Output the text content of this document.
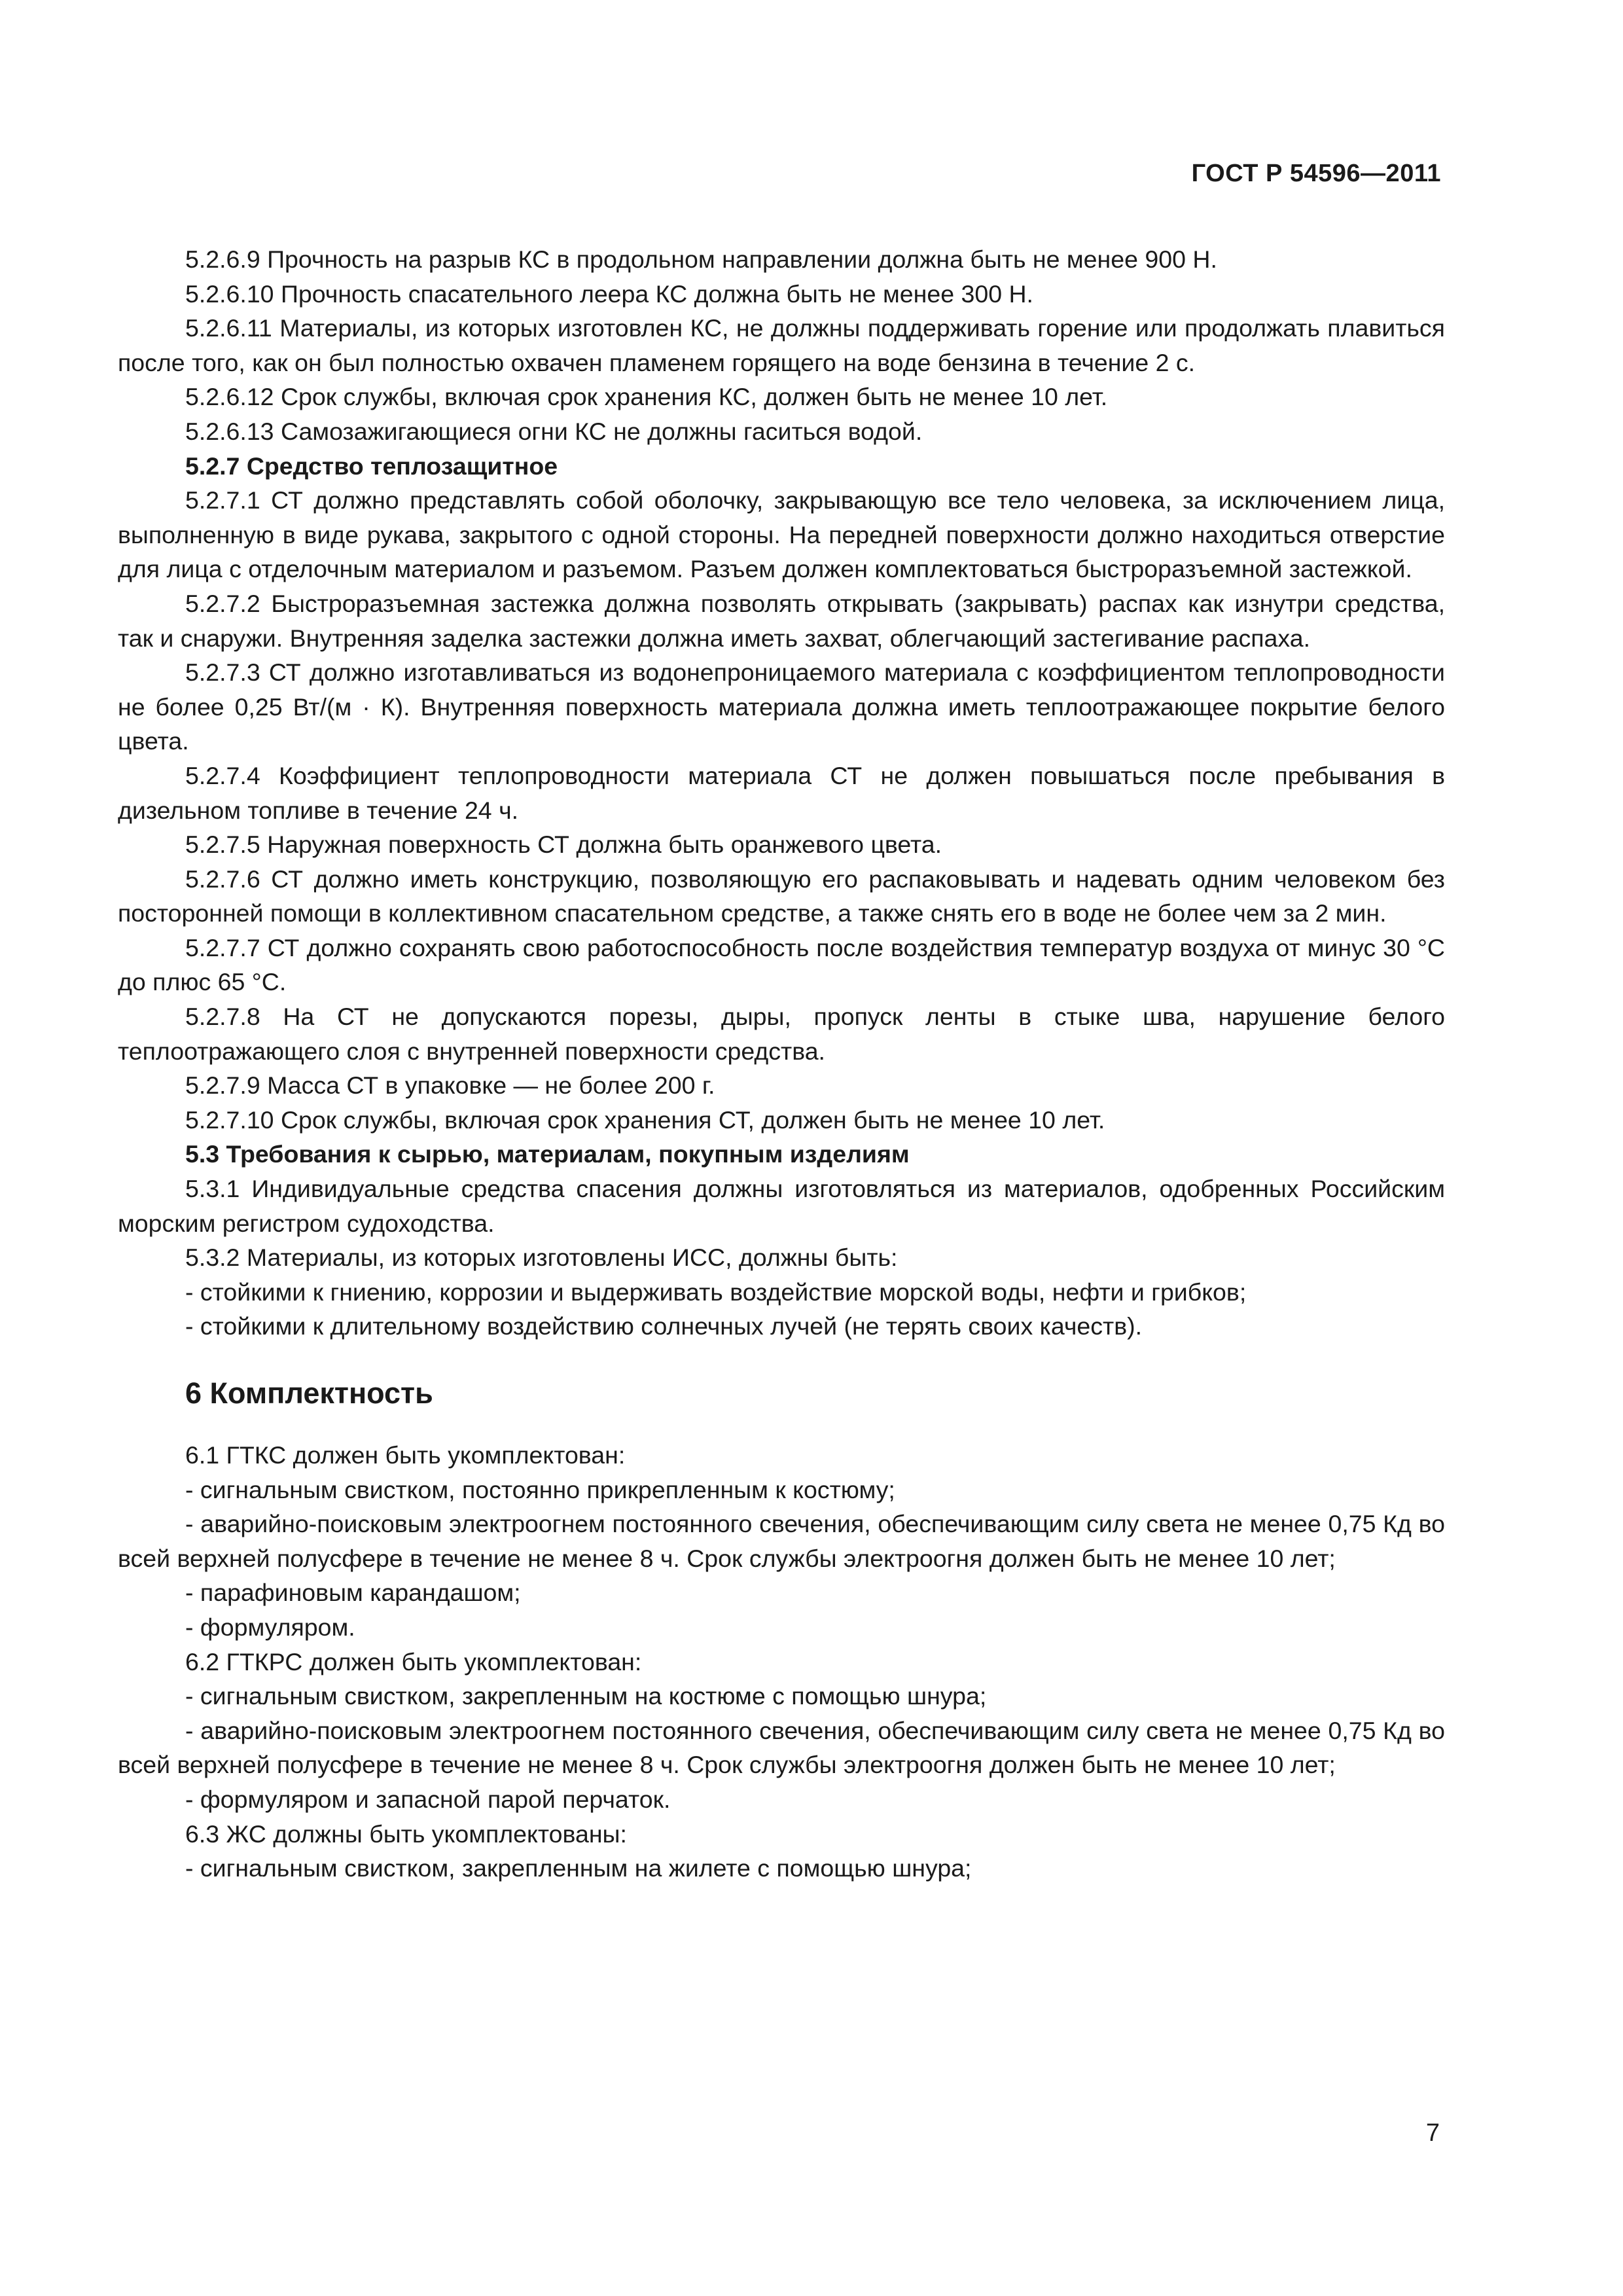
ГОСТ Р 54596—2011

5.2.6.9 Прочность на разрыв КС в продольном направлении должна быть не менее 900 Н.

5.2.6.10 Прочность спасательного леера КС должна быть не менее 300 Н.

5.2.6.11 Материалы, из которых изготовлен КС, не должны поддерживать горение или продолжать плавиться после того, как он был полностью охвачен пламенем горящего на воде бензина в течение 2 с.

5.2.6.12 Срок службы, включая срок хранения КС, должен быть не менее 10 лет.

5.2.6.13 Самозажигающиеся огни КС не должны гаситься водой.

5.2.7 Средство теплозащитное

5.2.7.1 СТ должно представлять собой оболочку, закрывающую все тело человека, за исключением лица, выполненную в виде рукава, закрытого с одной стороны. На передней поверхности должно находиться отверстие для лица с отделочным материалом и разъемом. Разъем должен комплектоваться быстроразъемной застежкой.

5.2.7.2 Быстроразъемная застежка должна позволять открывать (закрывать) распах как изнутри средства, так и снаружи. Внутренняя заделка застежки должна иметь захват, облегчающий застегивание распаха.

5.2.7.3 СТ должно изготавливаться из водонепроницаемого материала с коэффициентом теплопроводности не более 0,25 Вт/(м · К). Внутренняя поверхность материала должна иметь теплоотражающее покрытие белого цвета.

5.2.7.4 Коэффициент теплопроводности материала СТ не должен повышаться после пребывания в дизельном топливе в течение 24 ч.

5.2.7.5 Наружная поверхность СТ должна быть оранжевого цвета.

5.2.7.6 СТ должно иметь конструкцию, позволяющую его распаковывать и надевать одним человеком без посторонней помощи в коллективном спасательном средстве, а также снять его в воде не более чем за 2 мин.

5.2.7.7 СТ должно сохранять свою работоспособность после воздействия температур воздуха от минус 30 °С до плюс 65 °С.

5.2.7.8 На СТ не допускаются порезы, дыры, пропуск ленты в стыке шва, нарушение белого теплоотражающего слоя с внутренней поверхности средства.

5.2.7.9 Масса СТ в упаковке — не более 200 г.

5.2.7.10 Срок службы, включая срок хранения СТ, должен быть не менее 10 лет.

5.3 Требования к сырью, материалам, покупным изделиям

5.3.1 Индивидуальные средства спасения должны изготовляться из материалов, одобренных Российским морским регистром судоходства.

5.3.2 Материалы, из которых изготовлены ИСС, должны быть:

- стойкими к гниению, коррозии и выдерживать воздействие морской воды, нефти и грибков;

- стойкими к длительному воздействию солнечных лучей (не терять своих качеств).

6 Комплектность

6.1 ГТКС должен быть укомплектован:

- сигнальным свистком, постоянно прикрепленным к костюму;

- аварийно-поисковым электроогнем постоянного свечения, обеспечивающим силу света не менее 0,75 Кд во всей верхней полусфере в течение не менее 8 ч. Срок службы электроогня должен быть не менее 10 лет;

- парафиновым карандашом;

- формуляром.

6.2 ГТКРС должен быть укомплектован:

- сигнальным свистком, закрепленным на костюме с помощью шнура;

- аварийно-поисковым электроогнем постоянного свечения, обеспечивающим силу света не менее 0,75 Кд во всей верхней полусфере в течение не менее 8 ч. Срок службы электроогня должен быть не менее 10 лет;

- формуляром и запасной парой перчаток.

6.3 ЖС должны быть укомплектованы:

- сигнальным свистком, закрепленным на жилете с помощью шнура;

7
